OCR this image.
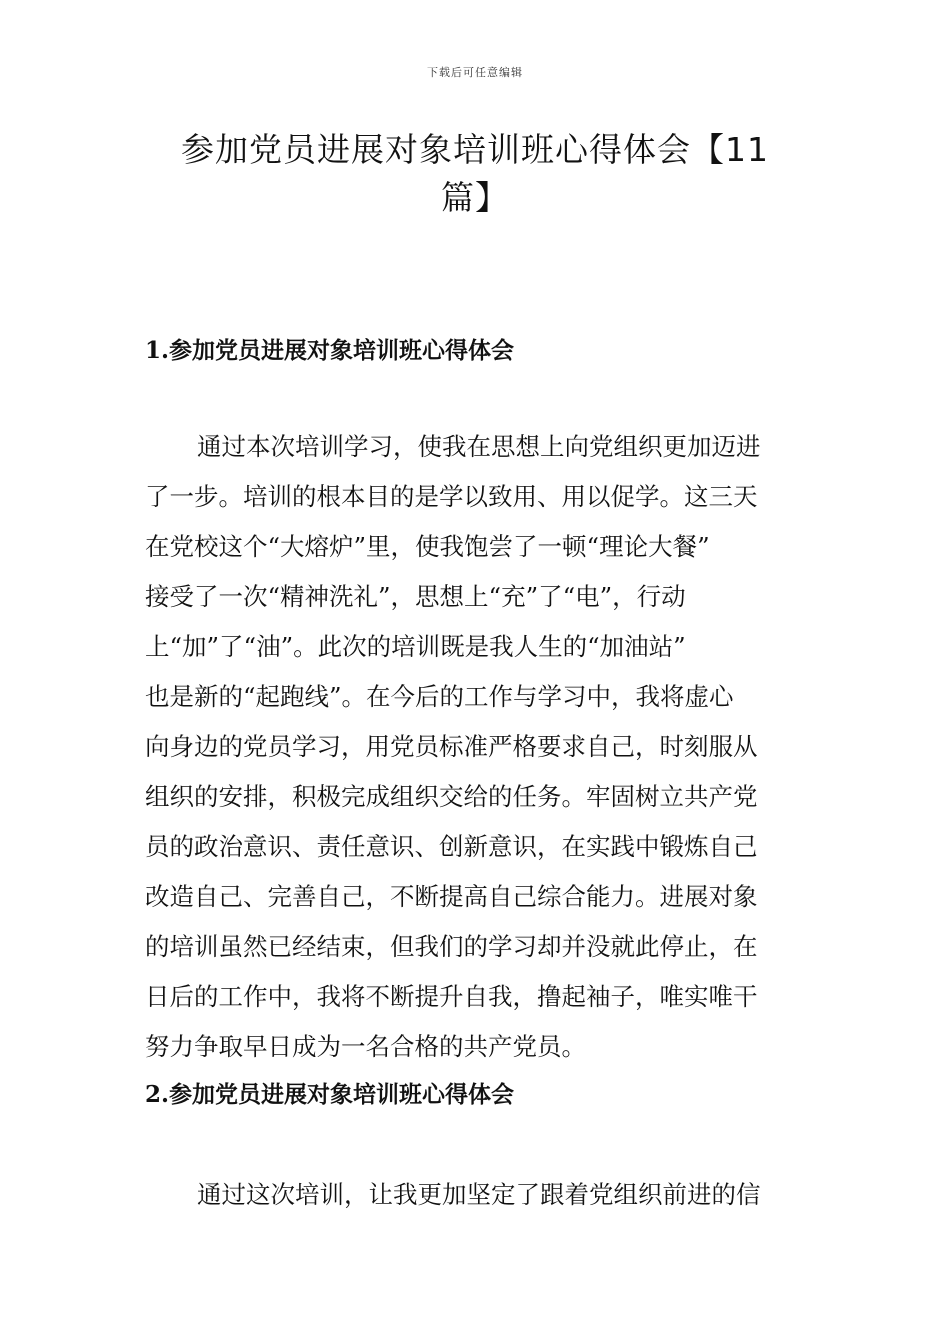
下载后可任意编辑
参加党员进展对象培训班心得体会【11
篇】
1.参加党员进展对象培训班心得体会
通过本次培训学习，使我在思想上向党组织更加迈进
了一步。培训的根本目的是学以致用、用以促学。这三天
在党校这个“大熔炉”里，使我饱尝了一顿“理论大餐”
接受了一次“精神洗礼”，思想上“充”了“电”，行动
上“加”了“油”。此次的培训既是我人生的“加油站”
也是新的“起跑线”。在今后的工作与学习中，我将虚心
向身边的党员学习，用党员标准严格要求自己，时刻服从
组织的安排，积极完成组织交给的任务。牢固树立共产党
员的政治意识、责任意识、创新意识，在实践中锻炼自己
改造自己、完善自己，不断提高自己综合能力。进展对象
的培训虽然已经结束，但我们的学习却并没就此停止，在
日后的工作中，我将不断提升自我，撸起袖子，唯实唯干
努力争取早日成为一名合格的共产党员。
2.参加党员进展对象培训班心得体会
通过这次培训，让我更加坚定了跟着党组织前进的信
